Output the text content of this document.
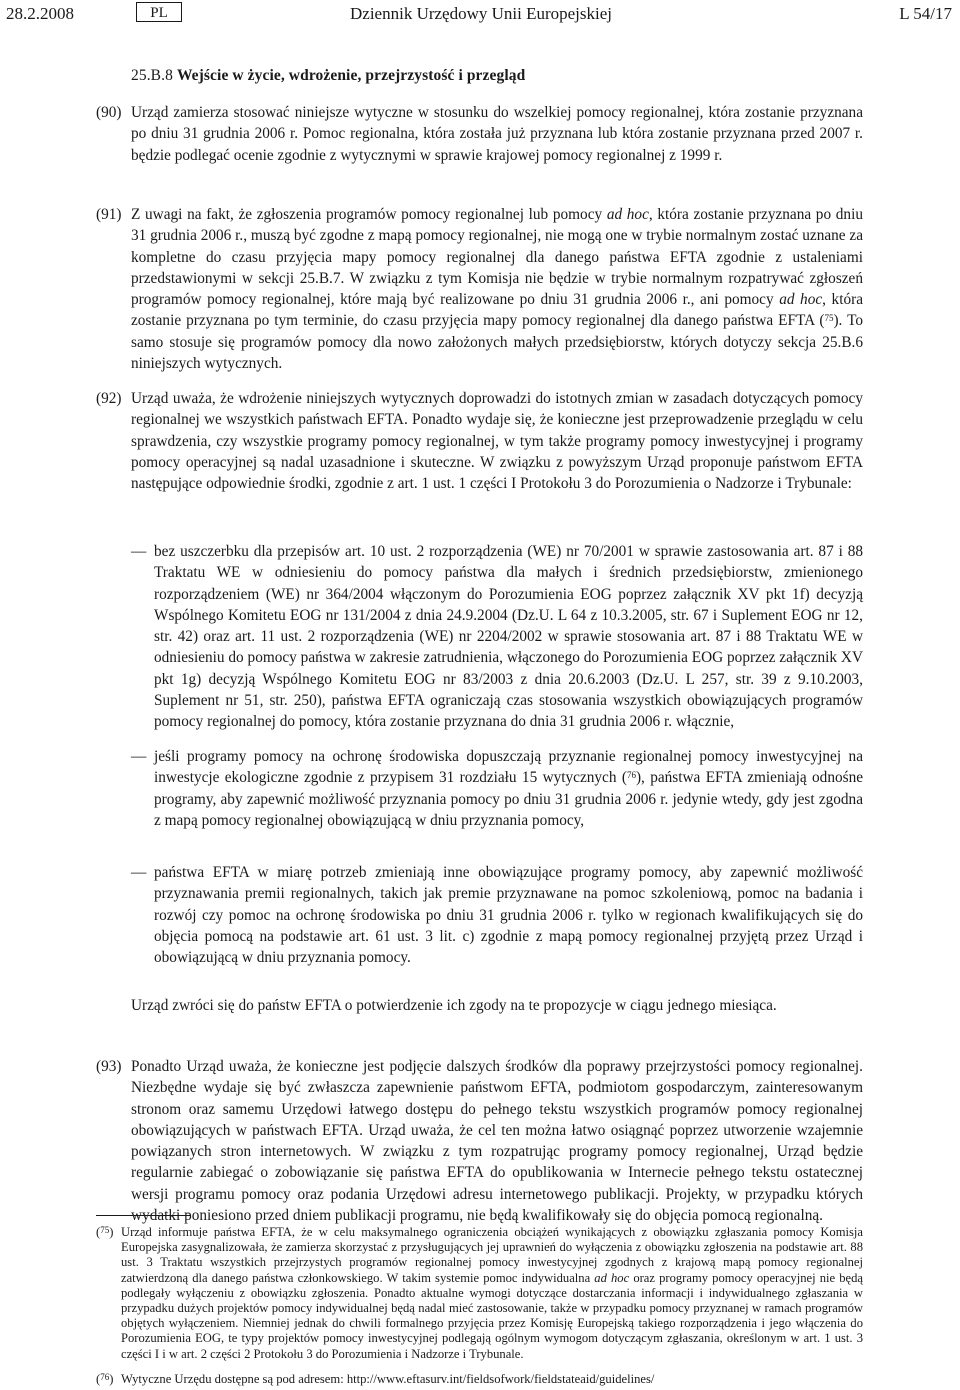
28.2.2008	PL	Dziennik Urzędowy Unii Europejskiej	L 54/17
25.B.8 Wejście w życie, wdrożenie, przejrzystość i przegląd
(90) Urząd zamierza stosować niniejsze wytyczne w stosunku do wszelkiej pomocy regionalnej, która zostanie przyznana po dniu 31 grudnia 2006 r. Pomoc regionalna, która została już przyznana lub która zostanie przyznana przed 2007 r. będzie podlegać ocenie zgodnie z wytycznymi w sprawie krajowej pomocy regionalnej z 1999 r.
(91) Z uwagi na fakt, że zgłoszenia programów pomocy regionalnej lub pomocy ad hoc, która zostanie przyznana po dniu 31 grudnia 2006 r., muszą być zgodne z mapą pomocy regionalnej, nie mogą one w trybie normalnym zostać uznane za kompletne do czasu przyjęcia mapy pomocy regionalnej dla danego państwa EFTA zgodnie z ustaleniami przedstawionymi w sekcji 25.B.7. W związku z tym Komisja nie będzie w trybie normalnym rozpatrywać zgłoszeń programów pomocy regionalnej, które mają być realizowane po dniu 31 grudnia 2006 r., ani pomocy ad hoc, która zostanie przyznana po tym terminie, do czasu przyjęcia mapy pomocy regionalnej dla danego państwa EFTA ($^{75}$). To samo stosuje się programów pomocy dla nowo założonych małych przedsiębiorstw, których dotyczy sekcja 25.B.6 niniejszych wytycznych.
(92) Urząd uważa, że wdrożenie niniejszych wytycznych doprowadzi do istotnych zmian w zasadach dotyczących pomocy regionalnej we wszystkich państwach EFTA. Ponadto wydaje się, że konieczne jest przeprowadzenie przeglądu w celu sprawdzenia, czy wszystkie programy pomocy regionalnej, w tym także programy pomocy inwestycyjnej i programy pomocy operacyjnej są nadal uzasadnione i skuteczne. W związku z powyższym Urząd proponuje państwom EFTA następujące odpowiednie środki, zgodnie z art. 1 ust. 1 części I Protokołu 3 do Porozumienia o Nadzorze i Trybunale:
— bez uszczerbku dla przepisów art. 10 ust. 2 rozporządzenia (WE) nr 70/2001 w sprawie zastosowania art. 87 i 88 Traktatu WE w odniesieniu do pomocy państwa dla małych i średnich przedsiębiorstw, zmienionego rozporządzeniem (WE) nr 364/2004 włączonym do Porozumienia EOG poprzez załącznik XV pkt 1f) decyzją Wspólnego Komitetu EOG nr 131/2004 z dnia 24.9.2004 (Dz.U. L 64 z 10.3.2005, str. 67 i Suplement EOG nr 12, str. 42) oraz art. 11 ust. 2 rozporządzenia (WE) nr 2204/2002 w sprawie stosowania art. 87 i 88 Traktatu WE w odniesieniu do pomocy państwa w zakresie zatrudnienia, włączonego do Porozumienia EOG poprzez załącznik XV pkt 1g) decyzją Wspólnego Komitetu EOG nr 83/2003 z dnia 20.6.2003 (Dz.U. L 257, str. 39 z 9.10.2003, Suplement nr 51, str. 250), państwa EFTA ograniczają czas stosowania wszystkich obowiązujących programów pomocy regionalnej do pomocy, która zostanie przyznana do dnia 31 grudnia 2006 r. włącznie,
— jeśli programy pomocy na ochronę środowiska dopuszczają przyznanie regionalnej pomocy inwestycyjnej na inwestycje ekologiczne zgodnie z przypisem 31 rozdziału 15 wytycznych ($^{76}$), państwa EFTA zmieniają odnośne programy, aby zapewnić możliwość przyznania pomocy po dniu 31 grudnia 2006 r. jedynie wtedy, gdy jest zgodna z mapą pomocy regionalnej obowiązującą w dniu przyznania pomocy,
— państwa EFTA w miarę potrzeb zmieniają inne obowiązujące programy pomocy, aby zapewnić możliwość przyznawania premii regionalnych, takich jak premie przyznawane na pomoc szkoleniową, pomoc na badania i rozwój czy pomoc na ochronę środowiska po dniu 31 grudnia 2006 r. tylko w regionach kwalifikujących się do objęcia pomocą na podstawie art. 61 ust. 3 lit. c) zgodnie z mapą pomocy regionalnej przyjętą przez Urząd i obowiązującą w dniu przyznania pomocy.
Urząd zwróci się do państw EFTA o potwierdzenie ich zgody na te propozycje w ciągu jednego miesiąca.
(93) Ponadto Urząd uważa, że konieczne jest podjęcie dalszych środków dla poprawy przejrzystości pomocy regionalnej. Niezbędne wydaje się być zwłaszcza zapewnienie państwom EFTA, podmiotom gospodarczym, zainteresowanym stronom oraz samemu Urzędowi łatwego dostępu do pełnego tekstu wszystkich programów pomocy regionalnej obowiązujących w państwach EFTA. Urząd uważa, że cel ten można łatwo osiągnąć poprzez utworzenie wzajemnie powiązanych stron internetowych. W związku z tym rozpatrując programy pomocy regionalnej, Urząd będzie regularnie zabiegać o zobowiązanie się państwa EFTA do opublikowania w Internecie pełnego tekstu ostatecznej wersji programu pomocy oraz podania Urzędowi adresu internetowego publikacji. Projekty, w przypadku których wydatki poniesiono przed dniem publikacji programu, nie będą kwalifikowały się do objęcia pomocą regionalną.
($^{75}$) Urząd informuje państwa EFTA, że w celu maksymalnego ograniczenia obciążeń wynikających z obowiązku zgłaszania pomocy Komisja Europejska zasygnalizowała, że zamierza skorzystać z przysługujących jej uprawnień do wyłączenia z obowiązku zgłoszenia na podstawie art. 88 ust. 3 Traktatu wszystkich przejrzystych programów regionalnej pomocy inwestycyjnej zgodnych z krajową mapą pomocy regionalnej zatwierdzoną dla danego państwa członkowskiego. W takim systemie pomoc indywidualna ad hoc oraz programy pomocy operacyjnej nie będą podlegały wyłączeniu z obowiązku zgłoszenia. Ponadto aktualne wymogi dotyczące dostarczania informacji i indywidualnego zgłaszania w przypadku dużych projektów pomocy indywidualnej będą nadal mieć zastosowanie, także w przypadku pomocy przyznanej w ramach programów objętych wyłączeniem. Niemniej jednak do chwili formalnego przyjęcia przez Komisję Europejską takiego rozporządzenia i jego włączenia do Porozumienia EOG, te typy projektów pomocy inwestycyjnej podlegają ogólnym wymogom dotyczącym zgłaszania, określonym w art. 1 ust. 3 części I i w art. 2 części 2 Protokołu 3 do Porozumienia i Nadzorze i Trybunale.
($^{76}$) Wytyczne Urzędu dostępne są pod adresem: http://www.eftasurv.int/fieldsofwork/fieldstateaid/guidelines/
